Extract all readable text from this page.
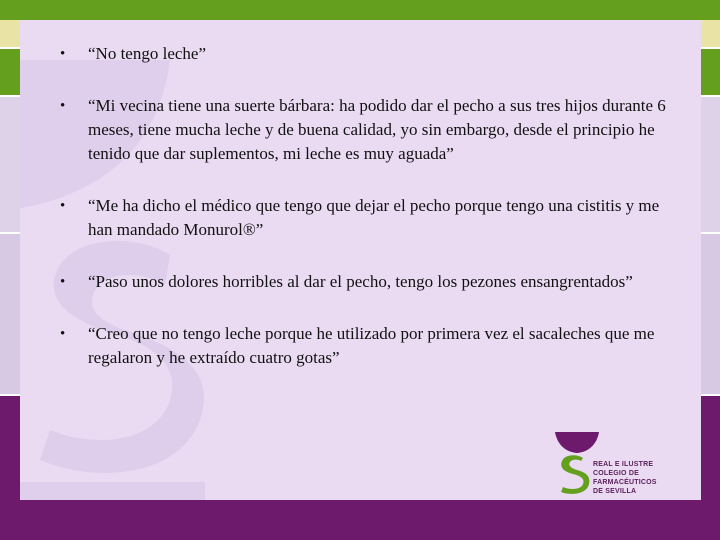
• “No tengo leche”
• “Mi vecina tiene una suerte bárbara: ha podido dar el pecho a sus tres hijos durante 6 meses, tiene mucha leche y de buena calidad, yo sin embargo, desde el principio he tenido que dar suplementos, mi leche es muy aguada”
• “Me ha dicho el médico que tengo que dejar el pecho porque tengo una cistitis y me han mandado Monurol®”
• “Paso unos dolores horribles al dar el pecho, tengo los pezones ensangrentados”
• “Creo que no tengo leche porque he utilizado por primera vez el sacaleches que me regalaron y he extraído cuatro gotas”
REAL E ILUSTRE
COLEGIO DE FARMACÉUTICOS
DE SEVILLA
